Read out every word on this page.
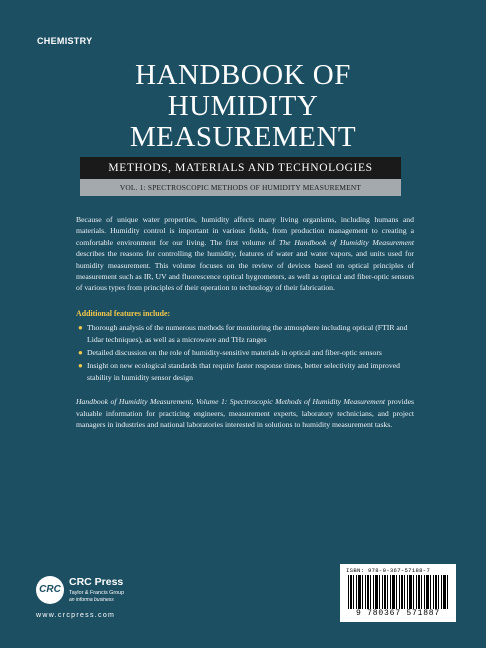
CHEMISTRY
HANDBOOK OF
HUMIDITY
MEASUREMENT
METHODS, MATERIALS AND TECHNOLOGIES
VOL. 1: SPECTROSCOPIC METHODS OF HUMIDITY MEASUREMENT

Because of unique water properties, humidity affects many living organisms, including humans and materials. Humidity control is important in various fields, from production management to creating a comfortable environment for our living. The first volume of The Handbook of Humidity Measurement describes the reasons for controlling the humidity, features of water and water vapors, and units used for humidity measurement. This volume focuses on the review of devices based on optical principles of measurement such as IR, UV and fluorescence optical hygrometers, as well as optical and fiber-optic sensors of various types from principles of their operation to technology of their fabrication.

Additional features include:
● Thorough analysis of the numerous methods for monitoring the atmosphere including optical (FTIR and Lidar techniques), as well as a microwave and THz ranges
● Detailed discussion on the role of humidity-sensitive materials in optical and fiber-optic sensors
● Insight on new ecological standards that require faster response times, better selectivity and improved stability in humidity sensor design

Handbook of Humidity Measurement, Volume 1: Spectroscopic Methods of Humidity Measurement provides valuable information for practicing engineers, measurement experts, laboratory technicians, and project managers in industries and national laboratories interested in solutions to humidity measurement tasks.

CRC
CRC Press
Taylor & Francis Group
an informa business
www.crcpress.com
ISBN: 978-0-367-57188-7
9 780367 571887
